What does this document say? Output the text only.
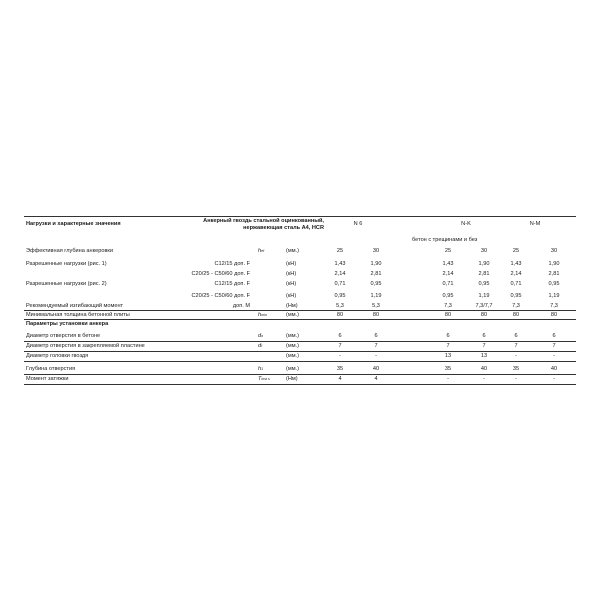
Нагрузки и характерные значения	Анкерный гвоздь стальной оцинкованный,
нержавеющая сталь А4, HCR
N 6	N-K	N-M
бетон с трещинами и без
Эффективная глубина анкеровки	$h^{ef}$	(мм.)	25	30	25	30	25	30
Разрешенные нагрузки (рис. 1)	C12/15 доп. F	(кН)	1,43	1,90	1,43	1,90	1,43	1,90
C20/25 - C50/60 доп. F	(кН)	2,14	2,81	2,14	2,81	2,14	2,81
Разрешенные нагрузки (рис. 2)	C12/15 доп. F	(кН)	0,71	0,95	0,71	0,95	0,71	0,95
C20/25 - C50/60 доп. F	(кН)	0,95	1,19	0,95	1,19	0,95	1,19
Рекомендуемый изгибающий момент	доп. M	(Нм)	5,3	5,3	7,3	7,3/7,7	7,3	7,3
Минимальная толщина бетонной плиты	$h^{min}$	(мм.)	80	80	80	80	80	80
Параметры установки анкера
Диаметр отверстия в бетоне	$d^o$	(мм.)	6	6	6	6	6	6
Диаметр отверстия в закрепляемой пластине	$d^f$	(мм.)	7	7	7	7	7	7
Диаметр головки гвоздя	(мм.)	-	-	13	13	-	-
Глубина отверстия	$h^1$	(мм.)	35	40	35	40	35	40
Момент затяжки	$T^{inst \le}$	(Нм)	4	4	-	-	-	-
